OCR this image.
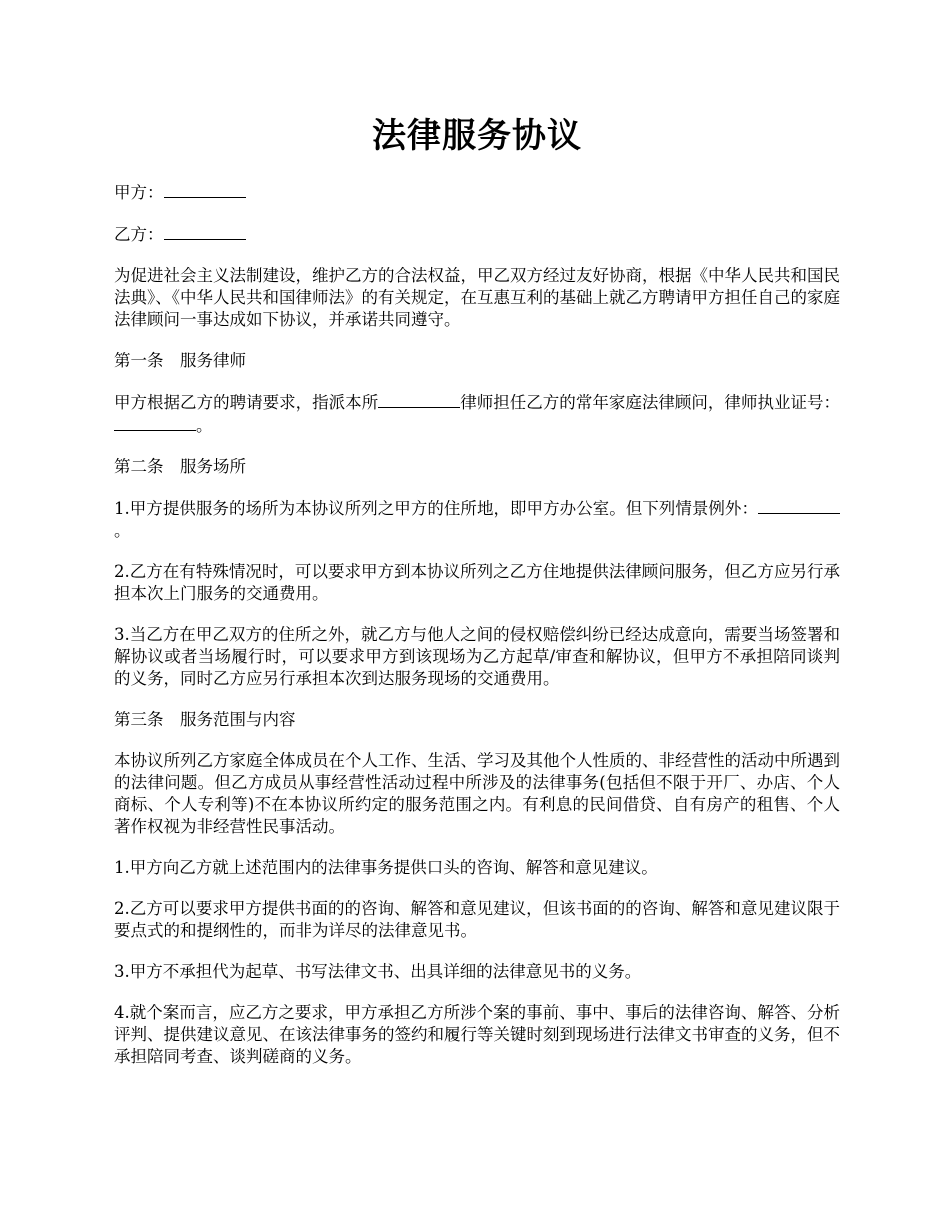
法律服务协议

甲方：

乙方：

为促进社会主义法制建设，维护乙方的合法权益，甲乙双方经过友好协商，根据《中华人民共和国民法典》、《中华人民共和国律师法》的有关规定，在互惠互利的基础上就乙方聘请甲方担任自己的家庭法律顾问一事达成如下协议，并承诺共同遵守。

第一条　服务律师

甲方根据乙方的聘请要求，指派本所	律师担任乙方的常年家庭法律顾问，律师执业证号：。

第二条　服务场所

1.甲方提供服务的场所为本协议所列之甲方的住所地，即甲方办公室。但下列情景例外：。

2.乙方在有特殊情况时，可以要求甲方到本协议所列之乙方住地提供法律顾问服务，但乙方应另行承担本次上门服务的交通费用。

3.当乙方在甲乙双方的住所之外，就乙方与他人之间的侵权赔偿纠纷已经达成意向，需要当场签署和解协议或者当场履行时，可以要求甲方到该现场为乙方起草/审查和解协议，但甲方不承担陪同谈判的义务，同时乙方应另行承担本次到达服务现场的交通费用。

第三条　服务范围与内容

本协议所列乙方家庭全体成员在个人工作、生活、学习及其他个人性质的、非经营性的活动中所遇到的法律问题。但乙方成员从事经营性活动过程中所涉及的法律事务(包括但不限于开厂、办店、个人商标、个人专利等)不在本协议所约定的服务范围之内。有利息的民间借贷、自有房产的租售、个人著作权视为非经营性民事活动。

1.甲方向乙方就上述范围内的法律事务提供口头的咨询、解答和意见建议。

2.乙方可以要求甲方提供书面的的咨询、解答和意见建议，但该书面的的咨询、解答和意见建议限于要点式的和提纲性的，而非为详尽的法律意见书。

3.甲方不承担代为起草、书写法律文书、出具详细的法律意见书的义务。

4.就个案而言，应乙方之要求，甲方承担乙方所涉个案的事前、事中、事后的法律咨询、解答、分析评判、提供建议意见、在该法律事务的签约和履行等关键时刻到现场进行法律文书审查的义务，但不承担陪同考查、谈判磋商的义务。
